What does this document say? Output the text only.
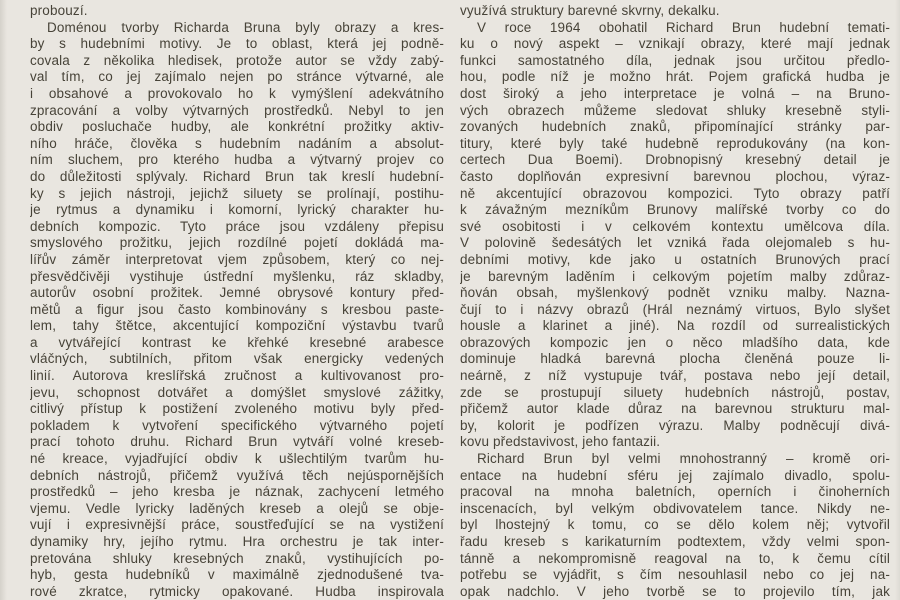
probouzí.
Doménou tvorby Richarda Bruna byly obrazy a kres-
by s hudebními motivy. Je to oblast, která jej podně-
covala z několika hledisek, protože autor se vždy zabý-
val tím, co jej zajímalo nejen po stránce výtvarné, ale
i obsahové a provokovalo ho k vymýšlení adekvátního
zpracování a volby výtvarných prostředků. Nebyl to jen
obdiv posluchače hudby, ale konkrétní prožitky aktiv-
ního hráče, člověka s hudebním nadáním a absolut-
ním sluchem, pro kterého hudba a výtvarný projev co
do důležitosti splývaly. Richard Brun tak kreslí hudební-
ky s jejich nástroji, jejichž siluety se prolínají, postihu-
je rytmus a dynamiku i komorní, lyrický charakter hu-
debních kompozic. Tyto práce jsou vzdáleny přepisu
smyslového prožitku, jejich rozdílné pojetí dokládá ma-
lířův záměr interpretovat vjem způsobem, který co nej-
přesvědčivěji vystihuje ústřední myšlenku, ráz skladby,
autorův osobní prožitek. Jemné obrysové kontury před-
mětů a figur jsou často kombinovány s kresbou paste-
lem, tahy štětce, akcentující kompoziční výstavbu tvarů
a vytvářející kontrast ke křehké kresebné arabesce
vláčných, subtilních, přitom však energicky vedených
linií. Autorova kreslířská zručnost a kultivovanost pro-
jevu, schopnost dotvářet a domýšlet smyslové zážitky,
citlivý přístup k postižení zvoleného motivu byly před-
pokladem k vytvoření specifického výtvarného pojetí
prací tohoto druhu. Richard Brun vytváří volné kreseb-
né kreace, vyjadřující obdiv k ušlechtilým tvarům hu-
debních nástrojů, přičemž využívá těch nejúspornějších
prostředků – jeho kresba je náznak, zachycení letmého
vjemu. Vedle lyricky laděných kreseb a olejů se obje-
vují i expresivnější práce, soustřeďující se na vystižení
dynamiky hry, jejího rytmu. Hra orchestru je tak inter-
pretována shluky kresebných znaků, vystihujících po-
hyb, gesta hudebníků v maximálně zjednodušené tva-
rové zkratce, rytmicky opakované. Hudba inspirovala
využívá struktury barevné skvrny, dekalku.
V roce 1964 obohatil Richard Brun hudební temati-
ku o nový aspekt – vznikají obrazy, které mají jednak
funkci samostatného díla, jednak jsou určitou předlo-
hou, podle níž je možno hrát. Pojem grafická hudba je
dost široký a jeho interpretace je volná – na Bruno-
vých obrazech můžeme sledovat shluky kresebně styli-
zovaných hudebních znaků, připomínající stránky par-
titury, které byly také hudebně reprodukovány (na kon-
certech Dua Boemi). Drobnopisný kresebný detail je
často doplňován expresivní barevnou plochou, výraz-
ně akcentující obrazovou kompozici. Tyto obrazy patří
k závažným mezníkům Brunovy malířské tvorby co do
své osobitosti i v celkovém kontextu umělcova díla.
V polovině šedesátých let vzniká řada olejomaleb s hu-
debními motivy, kde jako u ostatních Brunových prací
je barevným laděním i celkovým pojetím malby zdůraz-
ňován obsah, myšlenkový podnět vzniku malby. Nazna-
čují to i názvy obrazů (Hrál neznámý virtuos, Bylo slyšet
housle a klarinet a jiné). Na rozdíl od surrealistických
obrazových kompozic jen o něco mladšího data, kde
dominuje hladká barevná plocha členěná pouze li-
neárně, z níž vystupuje tvář, postava nebo její detail,
zde se prostupují siluety hudebních nástrojů, postav,
přičemž autor klade důraz na barevnou strukturu mal-
by, kolorit je podřízen výrazu. Malby podněcují divá-
kovu představivost, jeho fantazii.
Richard Brun byl velmi mnohostranný – kromě ori-
entace na hudební sféru jej zajímalo divadlo, spolu-
pracoval na mnoha baletních, operních i činoherních
inscenacích, byl velkým obdivovatelem tance. Nikdy ne-
byl lhostejný k tomu, co se dělo kolem něj; vytvořil
řadu kreseb s karikaturním podtextem, vždy velmi spon-
tánně a nekompromisně reagoval na to, k čemu cítil
potřebu se vyjádřit, s čím nesouhlasil nebo co jej na-
opak nadchlo. V jeho tvorbě se to projevilo tím, jak
